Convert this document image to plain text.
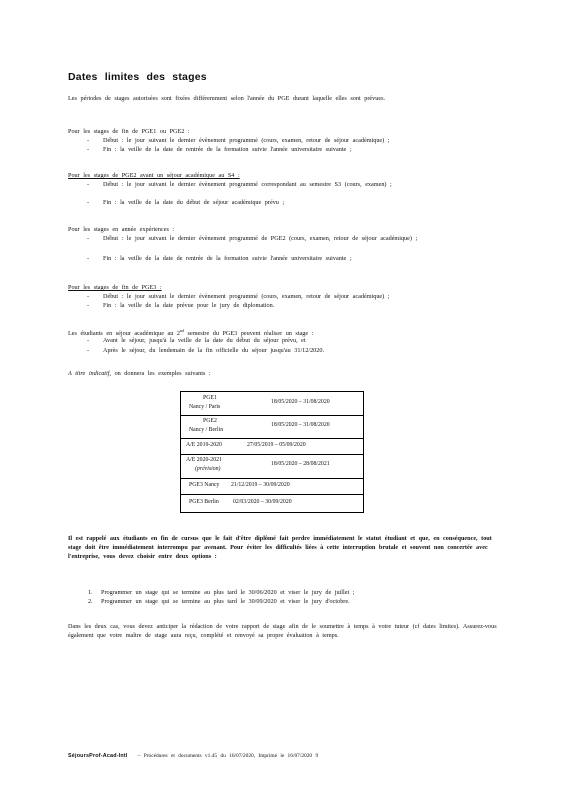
Dates limites des stages
Les périodes de stages autorisées sont fixées différemment selon l'année du PGE durant laquelle elles sont prévues.
Pour les stages de fin de PGE1 ou PGE2 :
- Début : le jour suivant le dernier évènement programmé (cours, examen, retour de séjour académique) ;
- Fin : la veille de la date de rentrée de la formation suivie l'année universitaire suivante ;
Pour les stages de PGE2 avant un séjour académique au S4 :
- Début : le jour suivant le dernier évènement programmé correspondant au semestre S3 (cours, examen) ;
- Fin : la veille de la date du début de séjour académique prévu ;
Pour les stages en année expériences :
- Début : le jour suivant le dernier évènement programmé de PGE2 (cours, examen, retour de séjour académique) ;
- Fin : la veille de la date de rentrée de la formation suivie l'année universitaire suivante ;
Pour les stages de fin de PGE3 :
- Début : le jour suivant le dernier évènement programmé (cours, examen, retour de séjour académique) ;
- Fin : la veille de la date prévue pour le jury de diplomation.
Les étudiants en séjour académique au 2nd semestre du PGE3 peuvent réaliser un stage :
- Avant le séjour, jusqu'à la veille de la date du début du séjour prévu, et
- Après le séjour, du lendemain de la fin officielle du séjour jusqu'au 31/12/2020.
A titre indicatif, on donnera les exemples suivants :
PGE1
Nancy / Paris
18/05/2020 – 31/08/2020
PGE2
Nancy / Berlin
18/05/2020 – 31/08/2020
A/E 2019-2020	27/05/2019 – 05/09/2020
A/E 2020-2021
(prévision)
18/05/2020 – 28/08/2021
PGE3 Nancy 21/12/2019 – 30/09/2020
PGE3 Berlin 02/03/2020 – 30/09/2020
Il est rappelé aux étudiants en fin de cursus que le fait d'être diplômé fait perdre immédiatement le statut étudiant et que, en conséquence, tout stage doit être immédiatement interrompu par avenant. Pour éviter les difficultés liées à cette interruption brutale et souvent non concertée avec l'entreprise, vous devez choisir entre deux options :
1. Programmer un stage qui se termine au plus tard le 30/06/2020 et viser le jury de juillet ;
2. Programmer un stage qui se termine au plus tard le 30/09/2020 et viser le jury d'octobre.
Dans les deux cas, vous devez anticiper la rédaction de votre rapport de stage afin de le soumettre à temps à votre tuteur (cf dates limites). Assurez-vous également que votre maître de stage aura reçu, complété et renvoyé sa propre évaluation à temps.
SéjoursProf-Acad-Intl – Procédures et documents v1.45 du 16/07/2020, Imprimé le 16/07/2020 9
